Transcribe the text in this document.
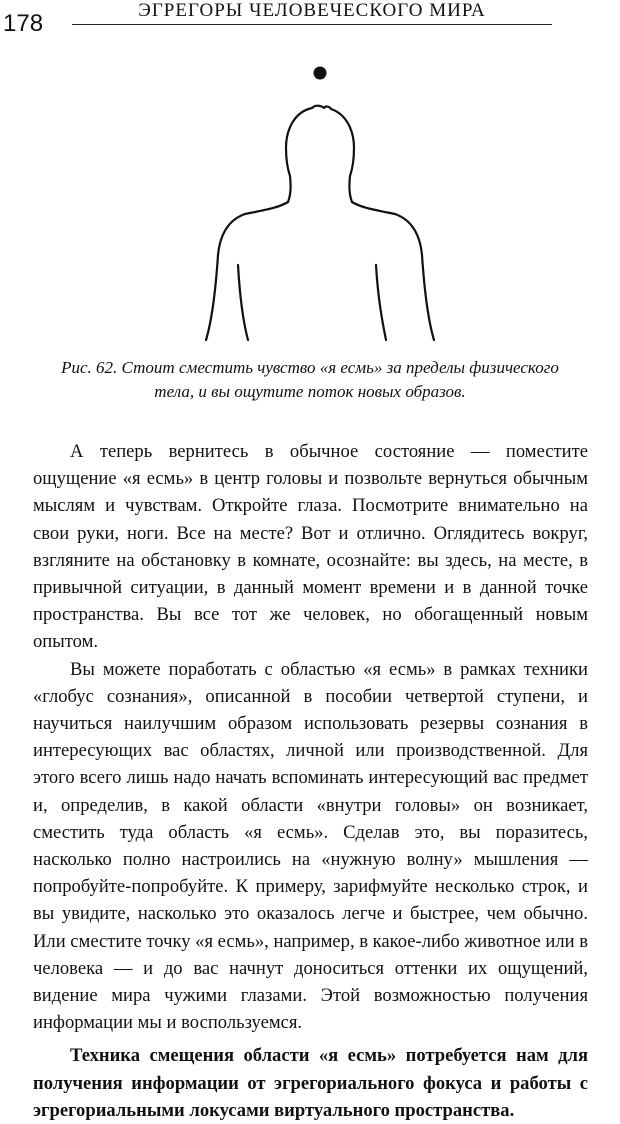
178	ЭГРЕГОРЫ ЧЕЛОВЕЧЕСКОГО МИРА
Рис. 62. Стоит сместить чувство «я есмь» за пределы физического тела, и вы ощутите поток новых образов.

А теперь вернитесь в обычное состояние — поместите ощущение «я есмь» в центр головы и позвольте вернуться обычным мыслям и чувствам. Откройте глаза. Посмотрите внимательно на свои руки, ноги. Все на месте? Вот и отлично. Оглядитесь вокруг, взгляните на обстановку в комнате, осознайте: вы здесь, на месте, в привычной ситуации, в данный момент времени и в данной точке пространства. Вы все тот же человек, но обогащенный новым опытом.

Вы можете поработать с областью «я есмь» в рамках техники «глобус сознания», описанной в пособии четвертой ступени, и научиться наилучшим образом использовать резервы сознания в интересующих вас областях, личной или производственной. Для этого всего лишь надо начать вспоминать интересующий вас предмет и, определив, в какой области «внутри головы» он возникает, сместить туда область «я есмь». Сделав это, вы поразитесь, насколько полно настроились на «нужную волну» мышления — попробуйте-попробуйте. К примеру, зарифмуйте несколько строк, и вы увидите, насколько это оказалось легче и быстрее, чем обычно. Или сместите точку «я есмь», например, в какое-либо животное или в человека — и до вас начнут доноситься оттенки их ощущений, видение мира чужими глазами. Этой возможностью получения информации мы и воспользуемся.

Техника смещения области «я есмь» потребуется нам для получения информации от эгрегориального фокуса и работы с эгрегориальными локусами виртуального пространства.
